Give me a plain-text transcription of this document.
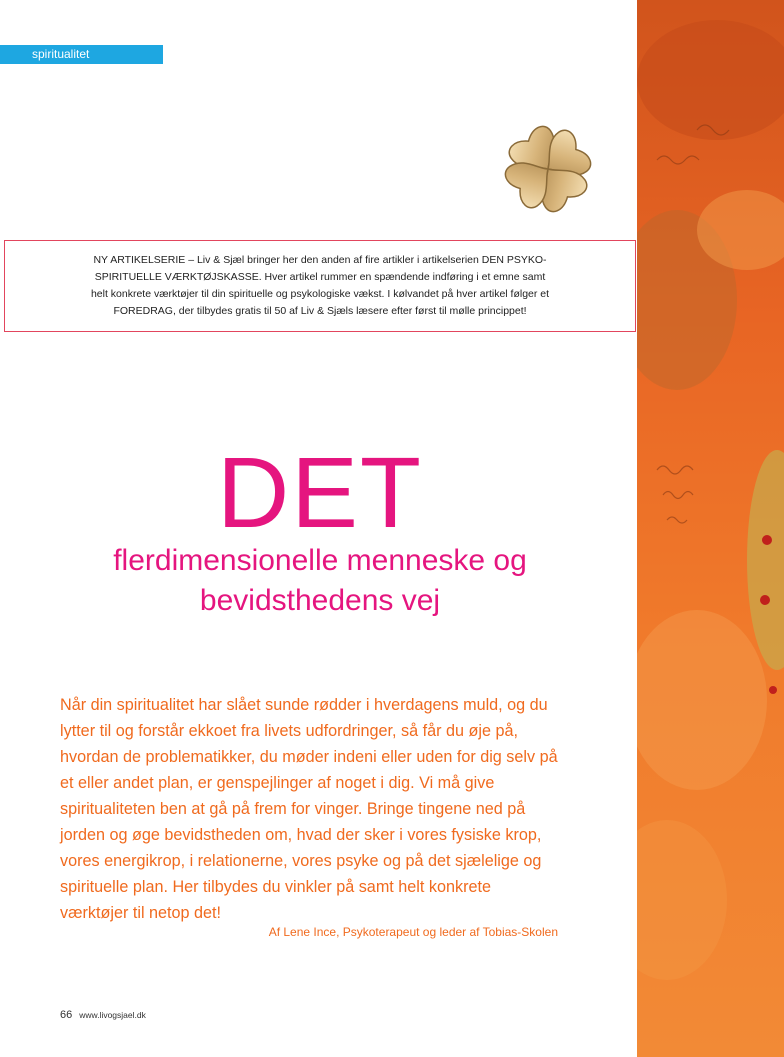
spiritualitet
NY ARTIKELSERIE – Liv & Sjæl bringer her den anden af fire artikler i artikelserien DEN PSYKO-SPIRITUELLE VÆRKTØJSKASSE. Hver artikel rummer en spændende indføring i et emne samt helt konkrete værktøjer til din spirituelle og psykologiske vækst. I kølvandet på hver artikel følger et FOREDRAG, der tilbydes gratis til 50 af Liv & Sjæls læsere efter først til mølle princippet!
DET
flerdimensionelle menneske og
bevidsthedens vej
Når din spiritualitet har slået sunde rødder i hverdagens muld, og du lytter til og forstår ekkoet fra livets udfordringer, så får du øje på, hvordan de problematikker, du møder indeni eller uden for dig selv på et eller andet plan, er genspejlinger af noget i dig. Vi må give spiritualiteten ben at gå på frem for vinger. Bringe tingene ned på jorden og øge bevidstheden om, hvad der sker i vores fysiske krop, vores energikrop, i relationerne, vores psyke og på det sjælelige og spirituelle plan. Her tilbydes du vinkler på samt helt konkrete værktøjer til netop det!
Af Lene Ince, Psykoterapeut og leder af Tobias-Skolen
66 www.livogsjael.dk
